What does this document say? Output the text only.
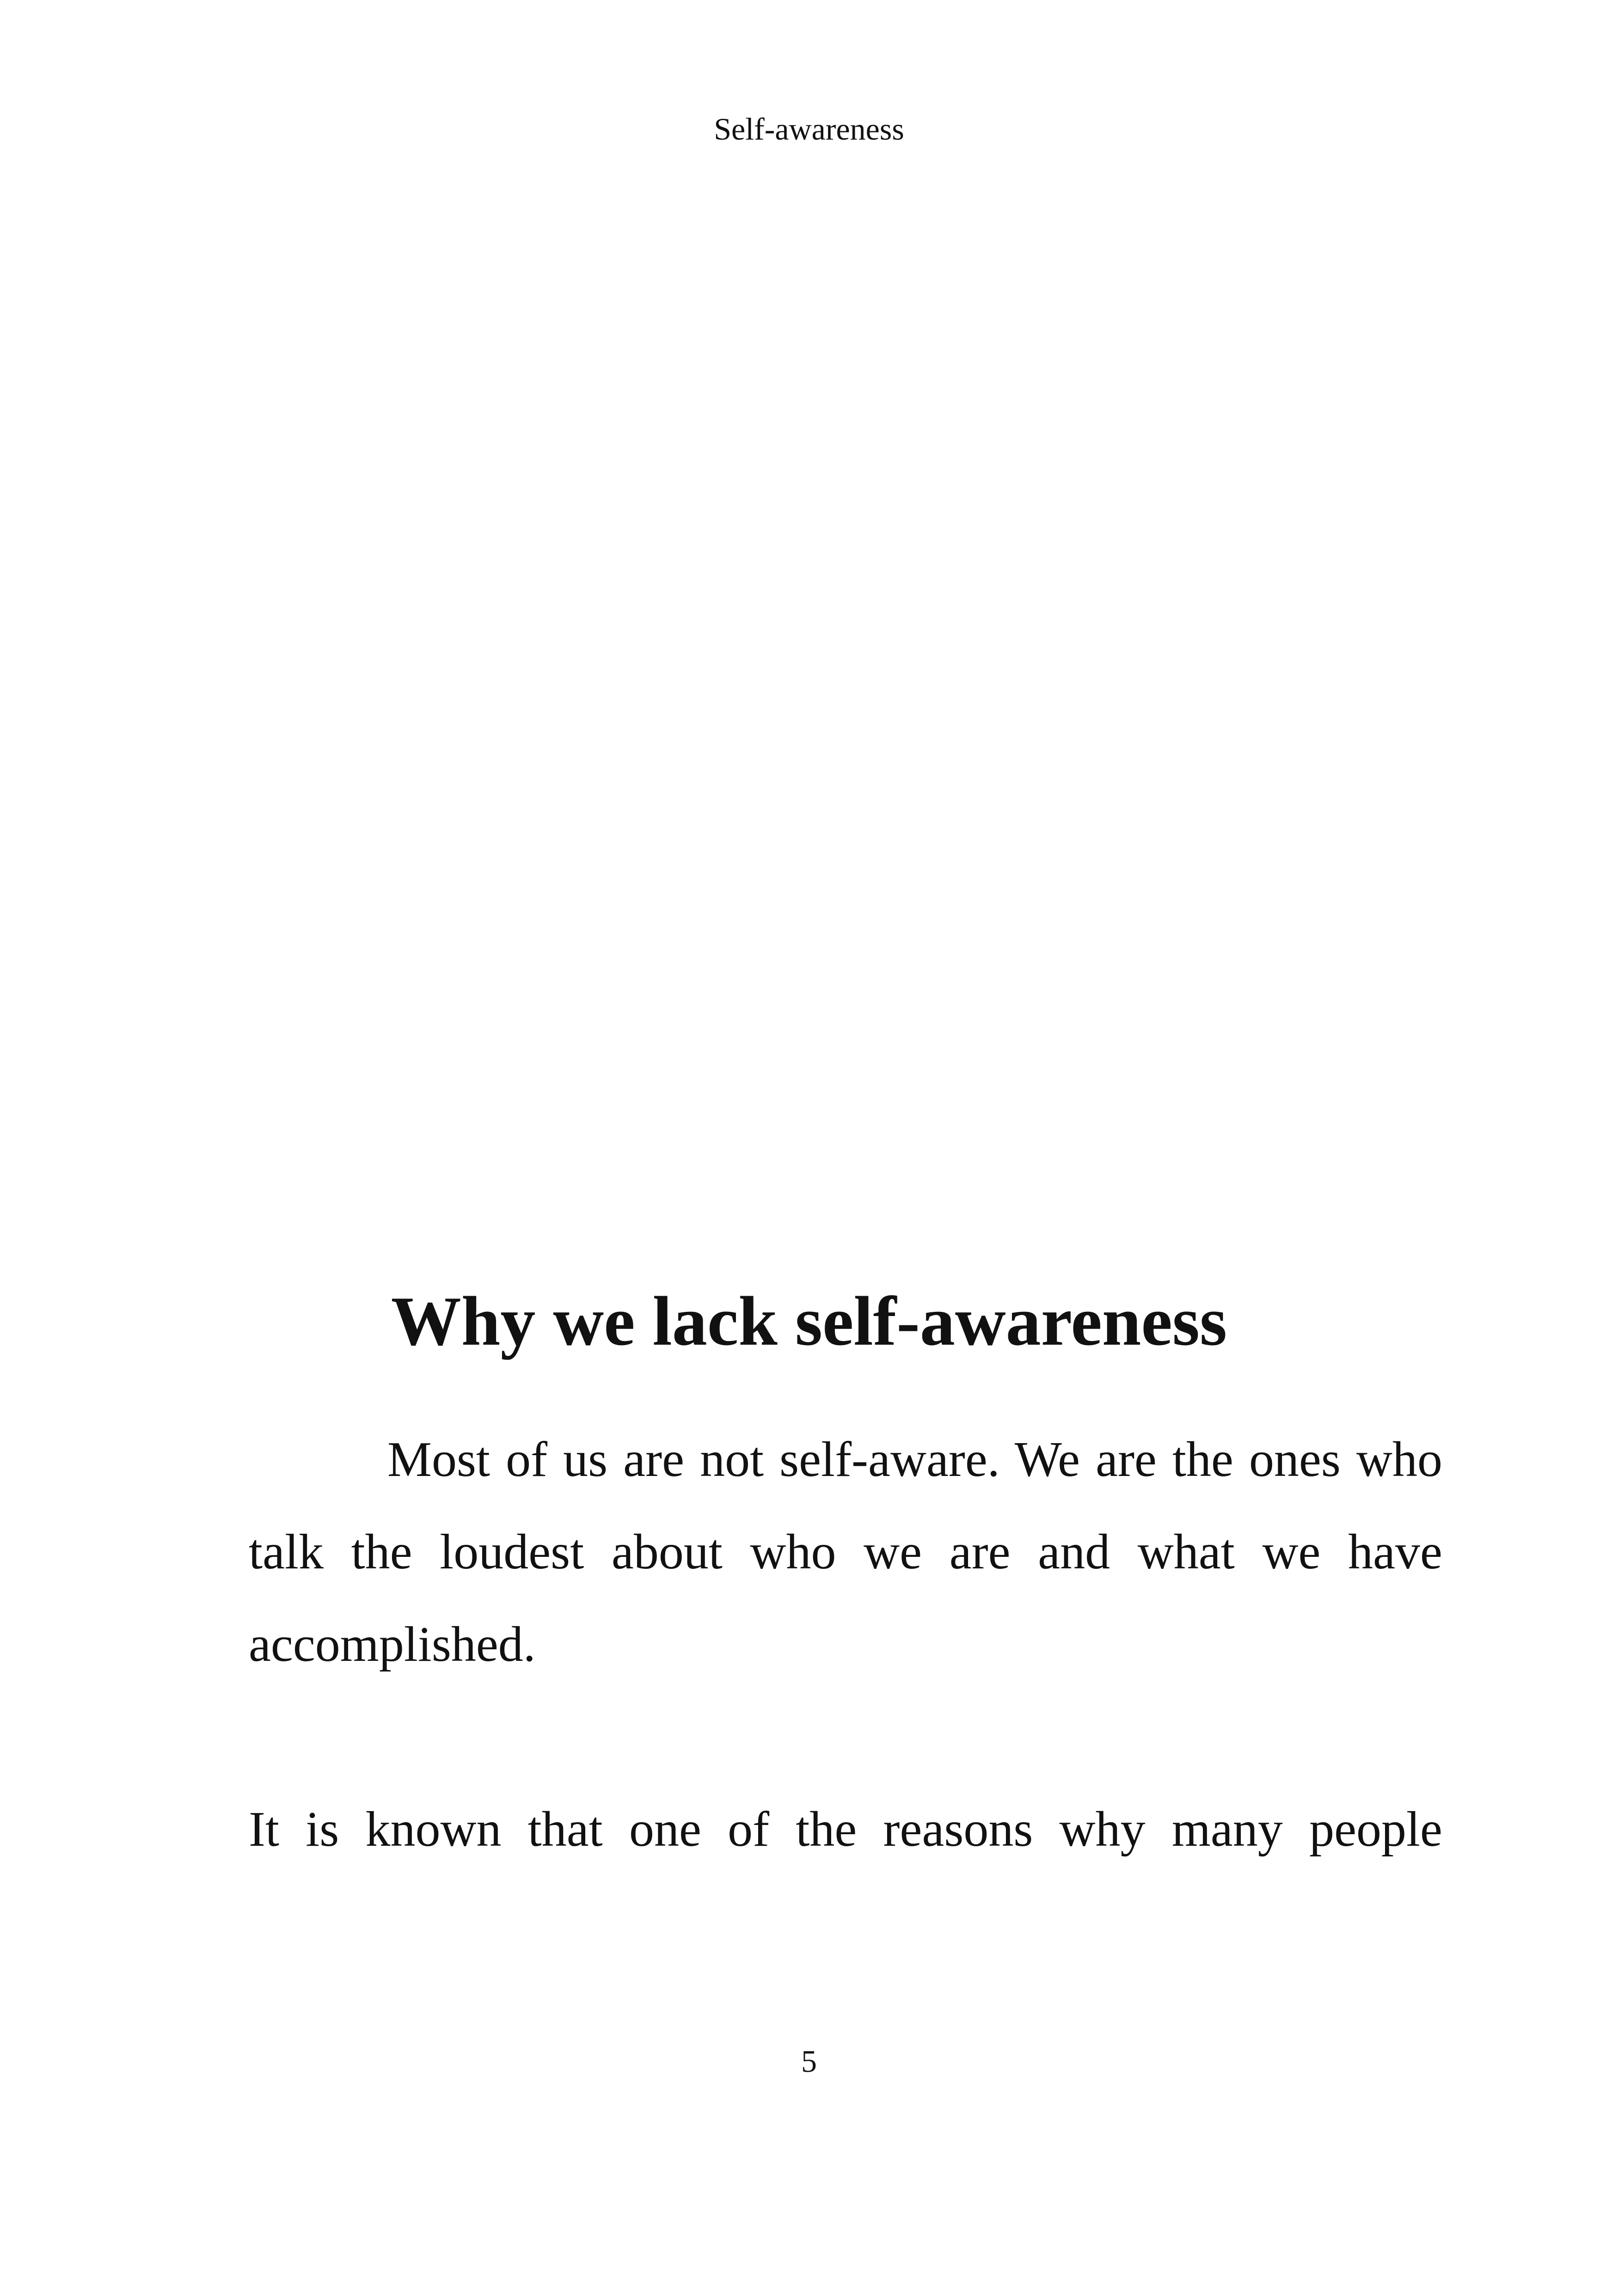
Self-awareness
Why we lack self-awareness

Most of us are not self-aware. We are the ones who talk the loudest about who we are and what we have accomplished.

It is known that one of the reasons why many people

5
